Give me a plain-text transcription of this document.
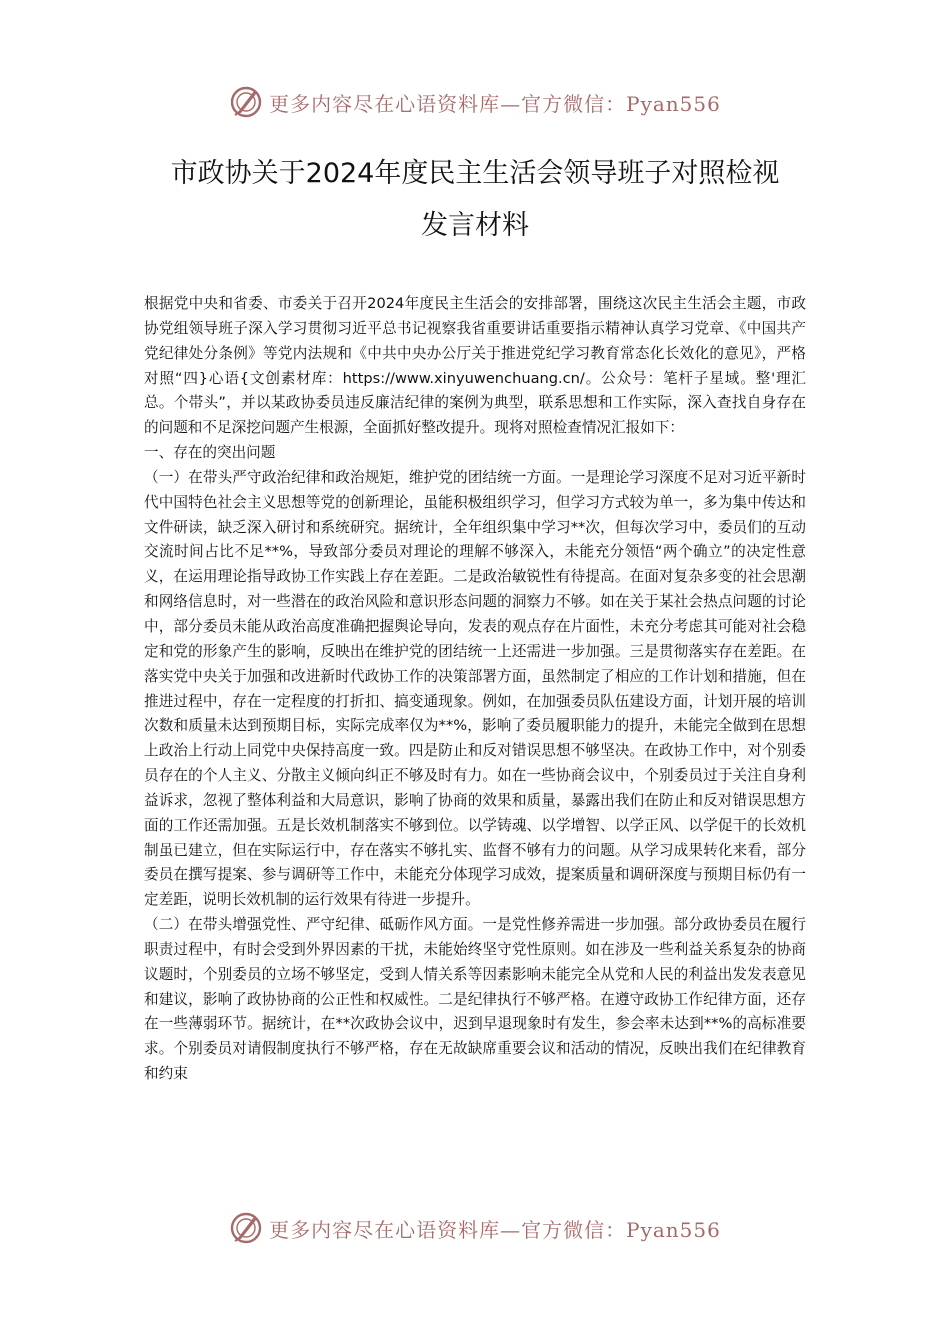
更多内容尽在心语资料库—官方微信：Pyan556
市政协关于2024年度民主生活会领导班子对照检视
发言材料

根据党中央和省委、市委关于召开2024年度民主生活会的安排部署，围绕这次民主生活会主题，市政协党组领导班子深入学习贯彻习近平总书记视察我省重要讲话重要指示精神认真学习党章、《中国共产党纪律处分条例》等党内法规和《中共中央办公厅关于推进党纪学习教育常态化长效化的意见》，严格对照“四}心语{文创素材库：https://www.xinyuwenchuang.cn/。公众号：笔杆子星域。整'理汇总。个帯头”，并以某政协委员违反廉洁纪律的案例为典型，联系思想和工作实际，深入查找自身存在的问题和不足深挖问题产生根源，全面抓好整改提升。现将对照检查情况汇报如下：

一、存在的突出问题

（一）在带头严守政治纪律和政治规矩，维护党的团结统一方面。一是理论学习深度不足对习近平新时代中国特色社会主义思想等党的创新理论，虽能积极组织学习，但学习方式较为单一，多为集中传达和文件研读，缺乏深入研讨和系统研究。据统计，全年组织集中学习**次，但每次学习中，委员们的互动交流时间占比不足**%，导致部分委员对理论的理解不够深入，未能充分领悟“两个确立”的决定性意义，在运用理论指导政协工作实践上存在差距。二是政治敏锐性有待提高。在面对复杂多变的社会思潮和网络信息时，对一些潜在的政治风险和意识形态问题的洞察力不够。如在关于某社会热点问题的讨论中，部分委员未能从政治高度准确把握舆论导向，发表的观点存在片面性，未充分考虑其可能对社会稳定和党的形象产生的影响，反映出在维护党的团结统一上还需进一步加强。三是贯彻落实存在差距。在落实党中央关于加强和改进新时代政协工作的决策部署方面，虽然制定了相应的工作计划和措施，但在推进过程中，存在一定程度的打折扣、搞变通现象。例如，在加强委员队伍建设方面，计划开展的培训次数和质量未达到预期目标，实际完成率仅为**%，影响了委员履职能力的提升，未能完全做到在思想上政治上行动上同党中央保持高度一致。四是防止和反对错误思想不够坚决。在政协工作中，对个别委员存在的个人主义、分散主义倾向纠正不够及时有力。如在一些协商会议中，个别委员过于关注自身利益诉求，忽视了整体利益和大局意识，影响了协商的效果和质量，暴露出我们在防止和反对错误思想方面的工作还需加强。五是长效机制落实不够到位。以学铸魂、以学增智、以学正风、以学促干的长效机制虽已建立，但在实际运行中，存在落实不够扎实、监督不够有力的问题。从学习成果转化来看，部分委员在撰写提案、参与调研等工作中，未能充分体现学习成效，提案质量和调研深度与预期目标仍有一定差距，说明长效机制的运行效果有待进一步提升。

（二）在带头增强党性、严守纪律、砥砺作风方面。一是党性修养需进一步加强。部分政协委员在履行职责过程中，有时会受到外界因素的干扰，未能始终坚守党性原则。如在涉及一些利益关系复杂的协商议题时，个别委员的立场不够坚定，受到人情关系等因素影响未能完全从党和人民的利益出发发表意见和建议，影响了政协协商的公正性和权威性。二是纪律执行不够严格。在遵守政协工作纪律方面，还存在一些薄弱环节。据统计，在**次政协会议中，迟到早退现象时有发生，参会率未达到**%的高标准要求。个别委员对请假制度执行不够严格，存在无故缺席重要会议和活动的情况，反映出我们在纪律教育和约束

更多内容尽在心语资料库—官方微信：Pyan556
